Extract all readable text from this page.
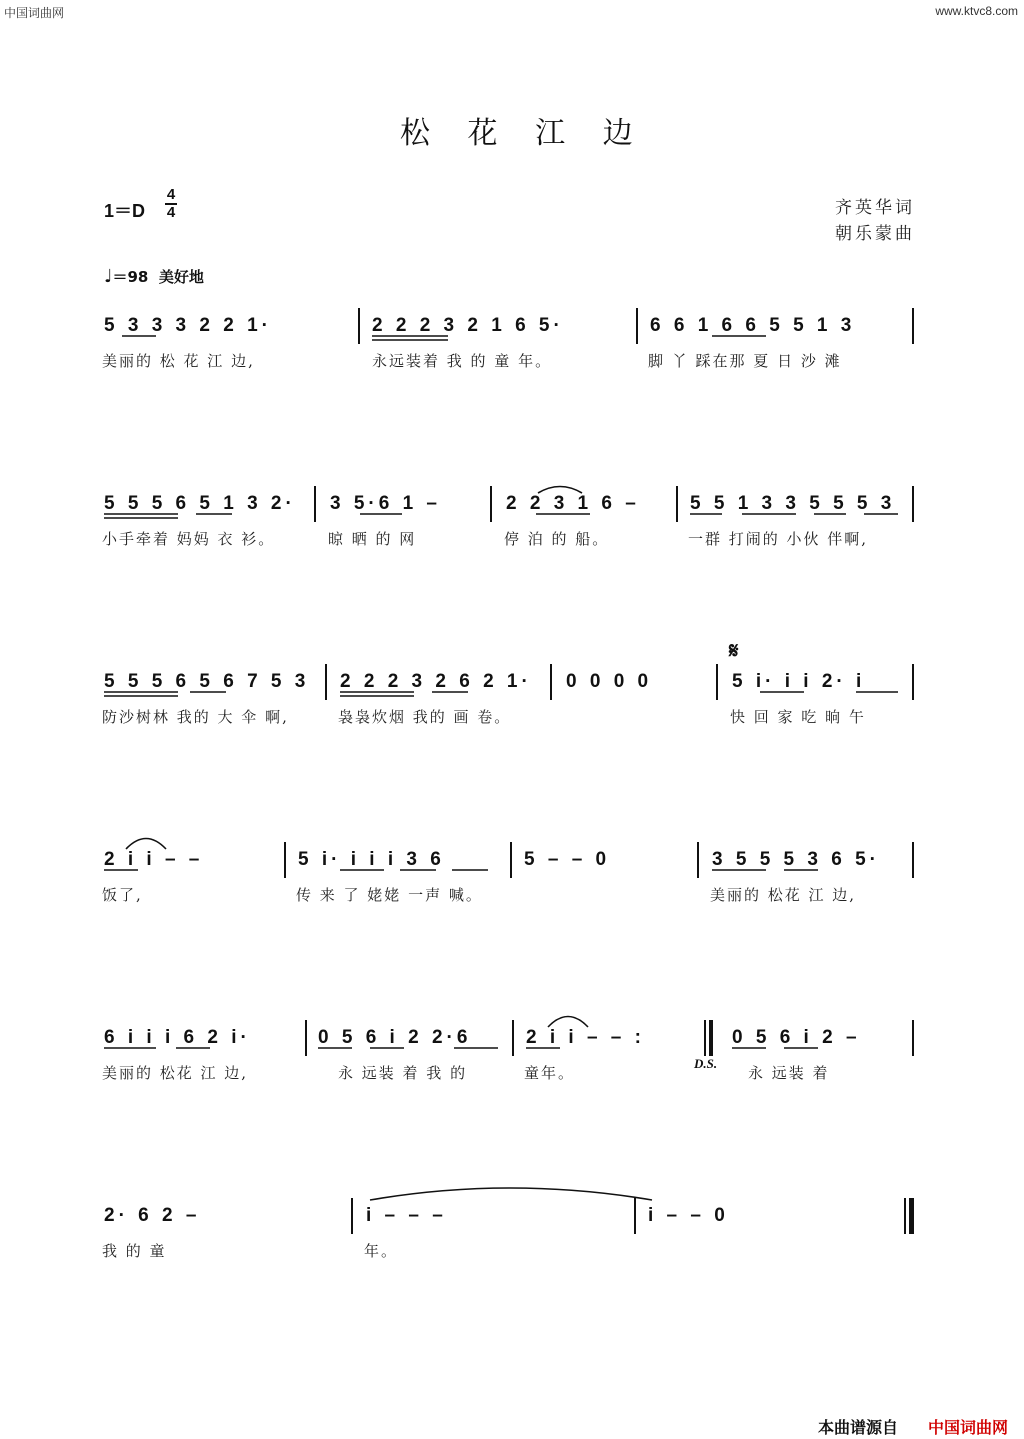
中国词曲网	www.ktvc8.com
松 花 江 边
1＝D
4
4	齐英华词
朝乐蒙曲
♩＝98 美好地
5 3 3 3 2 2 1·	2 2 2 3 2 1 6 5·	6 6 1 6 6 5 5 1 3
美丽的 松 花 江 边,	永远装着 我 的 童 年。	脚 丫 踩在那 夏 日 沙 滩
5 5 5 6 5 1 3 2· 3 5·6 1 –	2 2 3 1 6 –	5 5 1 3 3 5 5 5 3
小手牵着 妈妈 衣 衫。	晾 晒 的 网	停 泊 的 船。	一群 打闹的 小伙 伴啊,
𝄋
5 5 5 6 5 6 7 5 3 2 2 2 3 2 6 2 1· 0 0 0 0	5 i· i i 2· i
防沙树林 我的 大 伞 啊,	袅袅炊烟 我的 画 卷。	快 回 家 吃 晌 午
2 i i – –	5 i· i i i 3 6	5 – – 0	3 5 5 5 3 6 5·
饭了,	传 来 了 姥姥 一声 喊。	美丽的 松花 江 边,
6 i i i 6 2 i·	0 5 6 i 2 2·6	2 i i – – :	0 5 6 i 2 –
D.S.
美丽的 松花 江 边,	永 远装 着 我 的	童年。	永 远装 着
2· 6 2 –	i – – –	i – – 0
我 的 童	年。
本曲谱源自 中国词曲网
